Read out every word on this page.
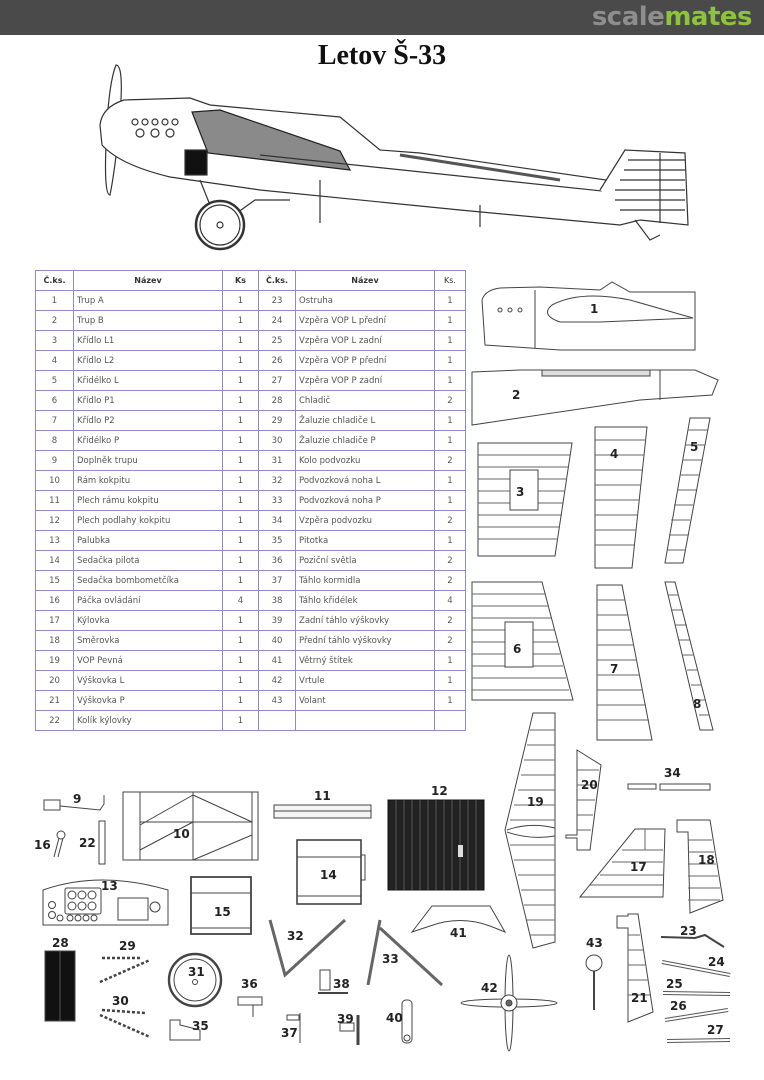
scalemates
Letov Š-33
Č.ks.	Název	Ks	Č.ks.	Název	Ks.
1	Trup A	1	23	Ostruha	1
2	Trup B	1	24	Vzpěra VOP L přední	1
3	Křídlo L1	1	25	Vzpěra VOP L zadní	1
4	Křídlo L2	1	26	Vzpěra VOP P přední	1
5	Křidélko L	1	27	Vzpěra VOP P zadní	1
6	Křídlo P1	1	28	Chladič	2
7	Křídlo P2	1	29	Žaluzie chladiče L	1
8	Křidélko P	1	30	Žaluzie chladiče P	1
9	Doplněk trupu	1	31	Kolo podvozku	2
10	Rám kokpitu	1	32	Podvozková noha L	1
11	Plech rámu kokpitu	1	33	Podvozková noha P	1
12	Plech podlahy kokpitu	1	34	Vzpěra podvozku	2
13	Palubka	1	35	Pitotka	1
14	Sedačka pilota	1	36	Poziční světla	2
15	Sedačka bombometčíka	1	37	Táhlo kormidla	2
16	Páčka ovládání	4	38	Táhlo křidélek	4
17	Kýlovka	1	39	Zadní táhlo výškovky	2
18	Směrovka	1	40	Přední táhlo výškovky	2
19	VOP Pevná	1	41	Větrný štítek	1
20	Výškovka L	1	42	Vrtule	1
21	Výškovka P	1	43	Volant	1
22	Kolík kýlovky	1			
1
2
3
4	5
6
7
8
9
10
11	12
13
14
15
16
17	18
19
20
21
22
23
24
25
26
27
28	29
30
31
32
33
34
35
36
37
38
39	40
41
42
43
